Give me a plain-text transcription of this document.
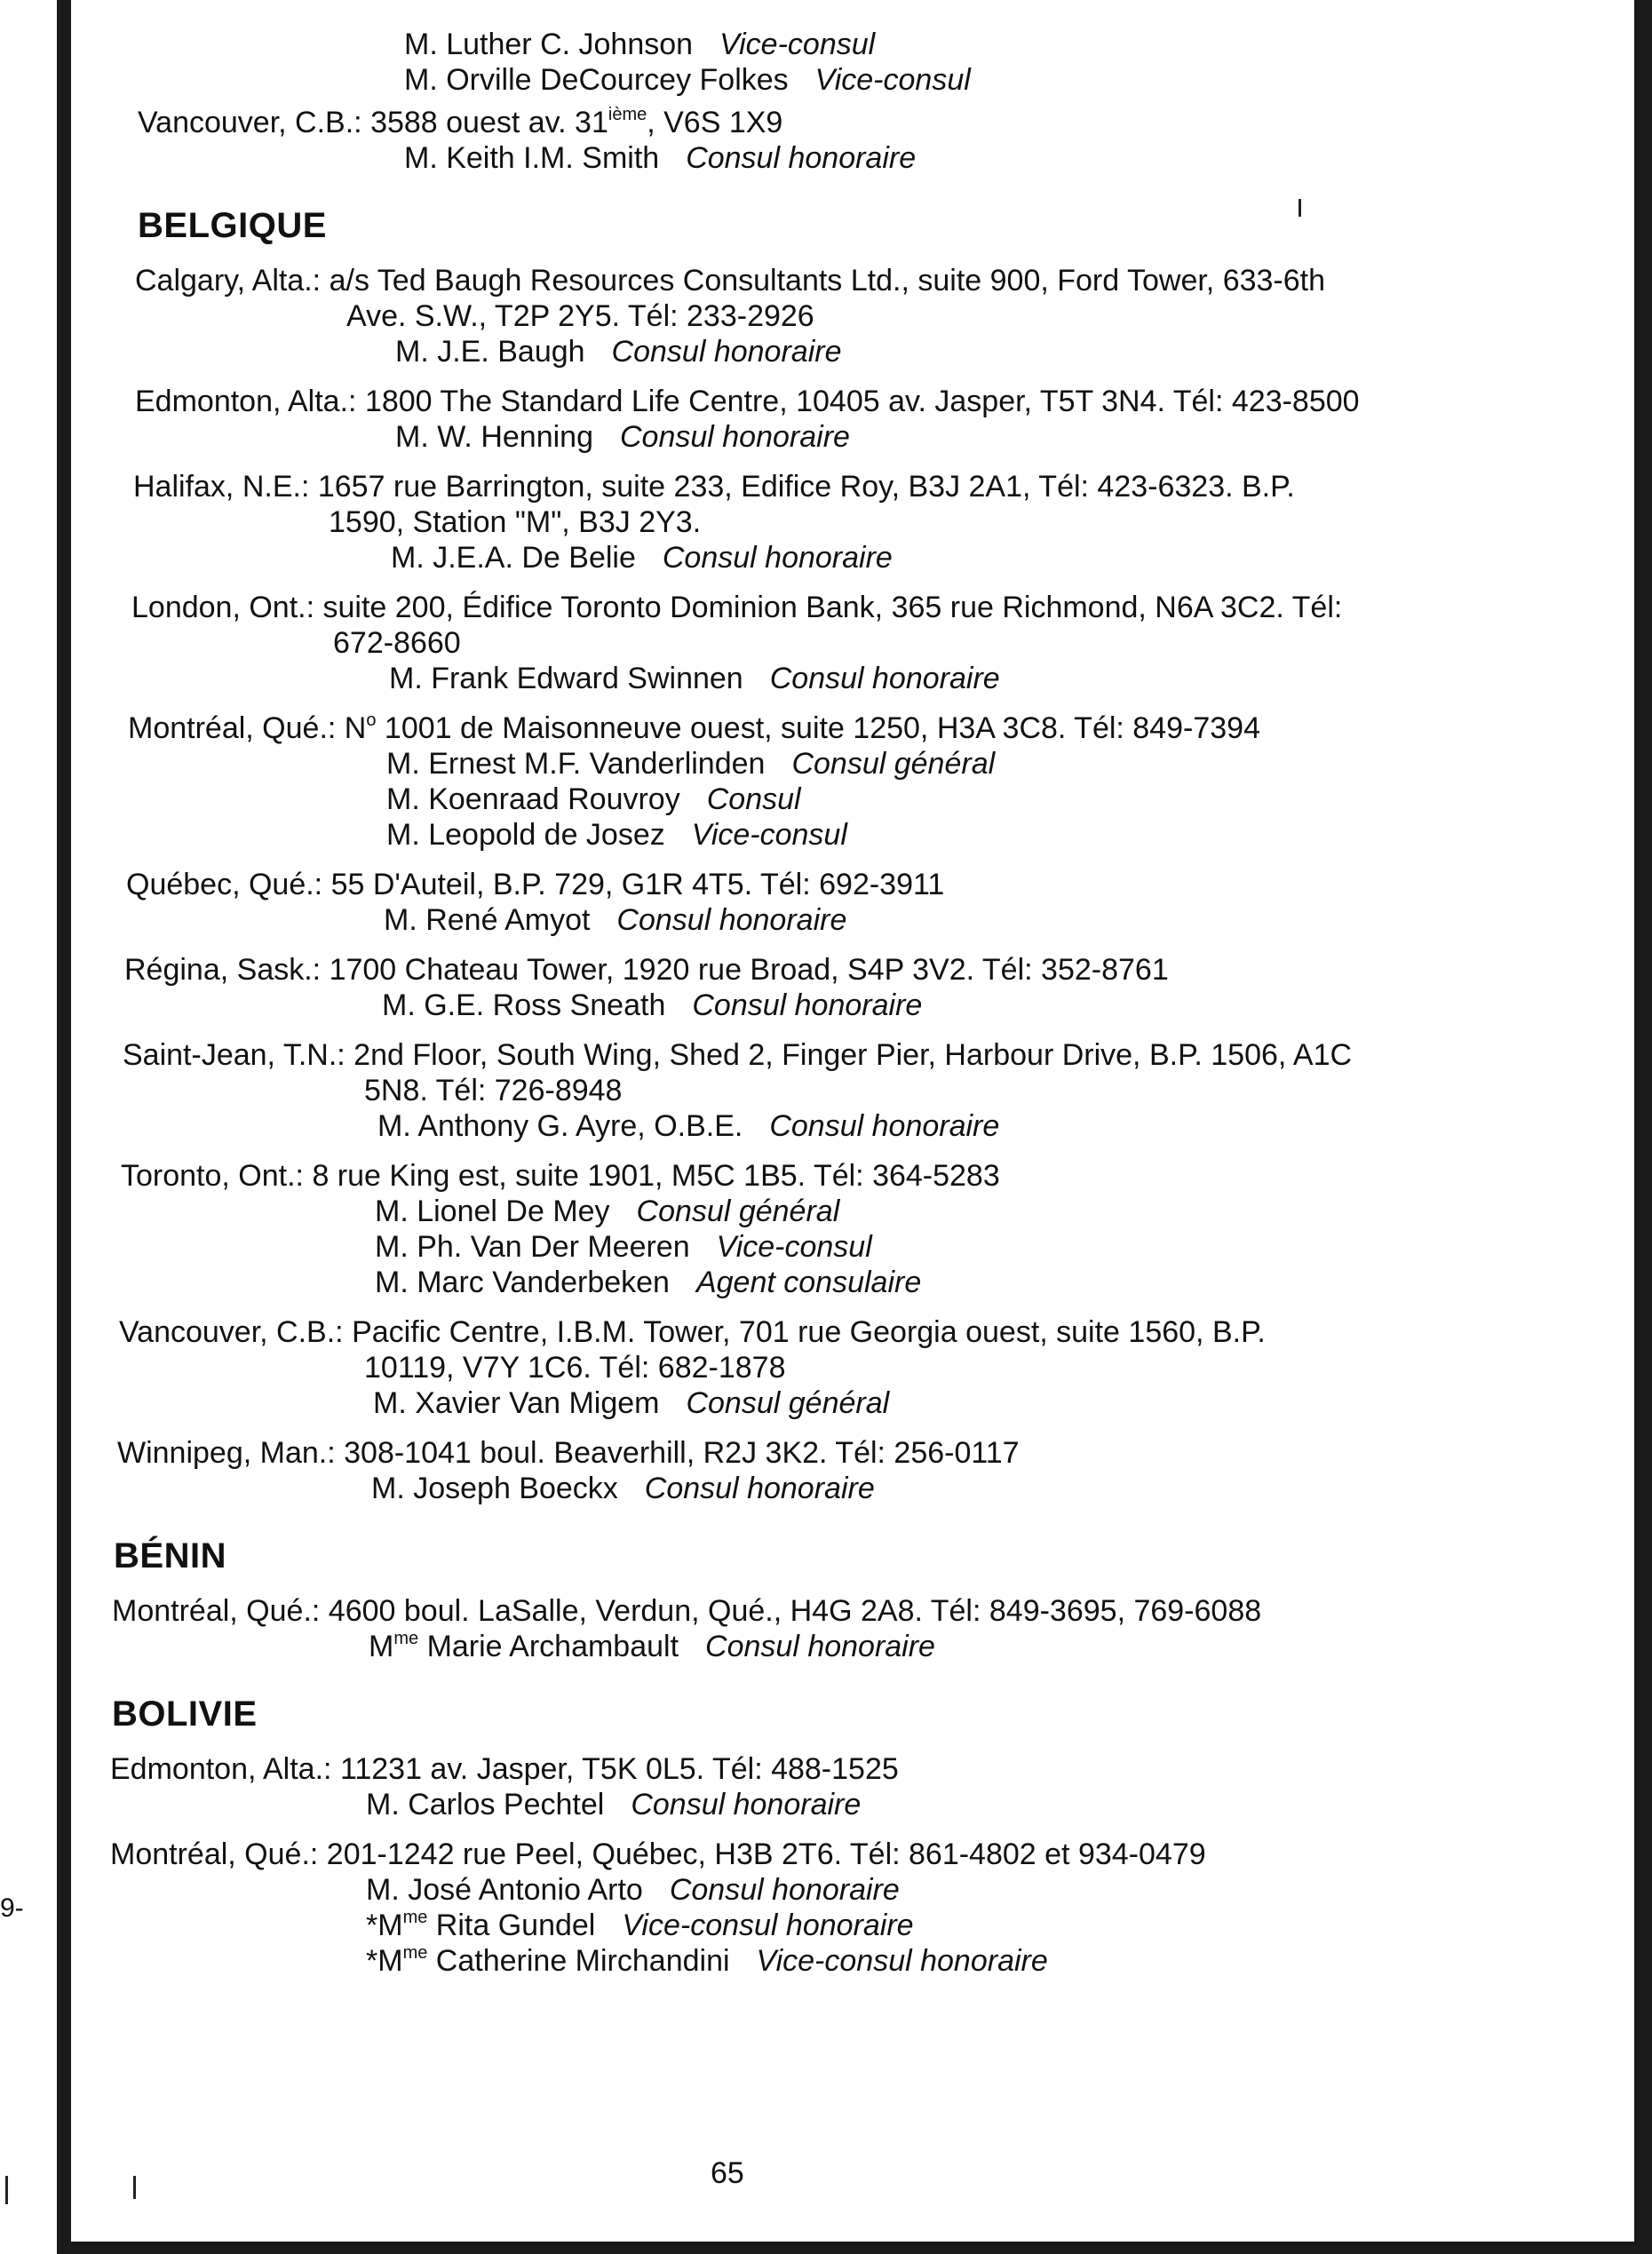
9-
M. Luther C. Johnson Vice-consul
M. Orville DeCourcey Folkes Vice-consul
Vancouver, C.B.: 3588 ouest av. 31ième, V6S 1X9
M. Keith I.M. Smith Consul honoraire
BELGIQUE
Calgary, Alta.: a/s Ted Baugh Resources Consultants Ltd., suite 900, Ford Tower, 633-6th
Ave. S.W., T2P 2Y5. Tél: 233-2926
M. J.E. Baugh Consul honoraire
Edmonton, Alta.: 1800 The Standard Life Centre, 10405 av. Jasper, T5T 3N4. Tél: 423-8500
M. W. Henning Consul honoraire
Halifax, N.E.: 1657 rue Barrington, suite 233, Edifice Roy, B3J 2A1, Tél: 423-6323. B.P.
1590, Station "M", B3J 2Y3.
M. J.E.A. De Belie Consul honoraire
London, Ont.: suite 200, Édifice Toronto Dominion Bank, 365 rue Richmond, N6A 3C2. Tél:
672-8660
M. Frank Edward Swinnen Consul honoraire
Montréal, Qué.: $N^o$ 1001 de Maisonneuve ouest, suite 1250, H3A 3C8. Tél: 849-7394
M. Ernest M.F. Vanderlinden Consul général
M. Koenraad Rouvroy Consul
M. Leopold de Josez Vice-consul
Québec, Qué.: 55 D'Auteil, B.P. 729, G1R 4T5. Tél: 692-3911
M. René Amyot Consul honoraire
Régina, Sask.: 1700 Chateau Tower, 1920 rue Broad, S4P 3V2. Tél: 352-8761
M. G.E. Ross Sneath Consul honoraire
Saint-Jean, T.N.: 2nd Floor, South Wing, Shed 2, Finger Pier, Harbour Drive, B.P. 1506, A1C
5N8. Tél: 726-8948
M. Anthony G. Ayre, O.B.E. Consul honoraire
Toronto, Ont.: 8 rue King est, suite 1901, M5C 1B5. Tél: 364-5283
M. Lionel De Mey Consul général
M. Ph. Van Der Meeren Vice-consul
M. Marc Vanderbeken Agent consulaire
Vancouver, C.B.: Pacific Centre, I.B.M. Tower, 701 rue Georgia ouest, suite 1560, B.P.
10119, V7Y 1C6. Tél: 682-1878
M. Xavier Van Migem Consul général
Winnipeg, Man.: 308-1041 boul. Beaverhill, R2J 3K2. Tél: 256-0117
M. Joseph Boeckx Consul honoraire
BÉNIN
Montréal, Qué.: 4600 boul. LaSalle, Verdun, Qué., H4G 2A8. Tél: 849-3695, 769-6088
$M^{me}$ Marie Archambault Consul honoraire
BOLIVIE
Edmonton, Alta.: 11231 av. Jasper, T5K 0L5. Tél: 488-1525
M. Carlos Pechtel Consul honoraire
Montréal, Qué.: 201-1242 rue Peel, Québec, H3B 2T6. Tél: 861-4802 et 934-0479
M. José Antonio Arto Consul honoraire
$*M^{me}$ Rita Gundel Vice-consul honoraire
$*M^{me}$ Catherine Mirchandini Vice-consul honoraire
65
